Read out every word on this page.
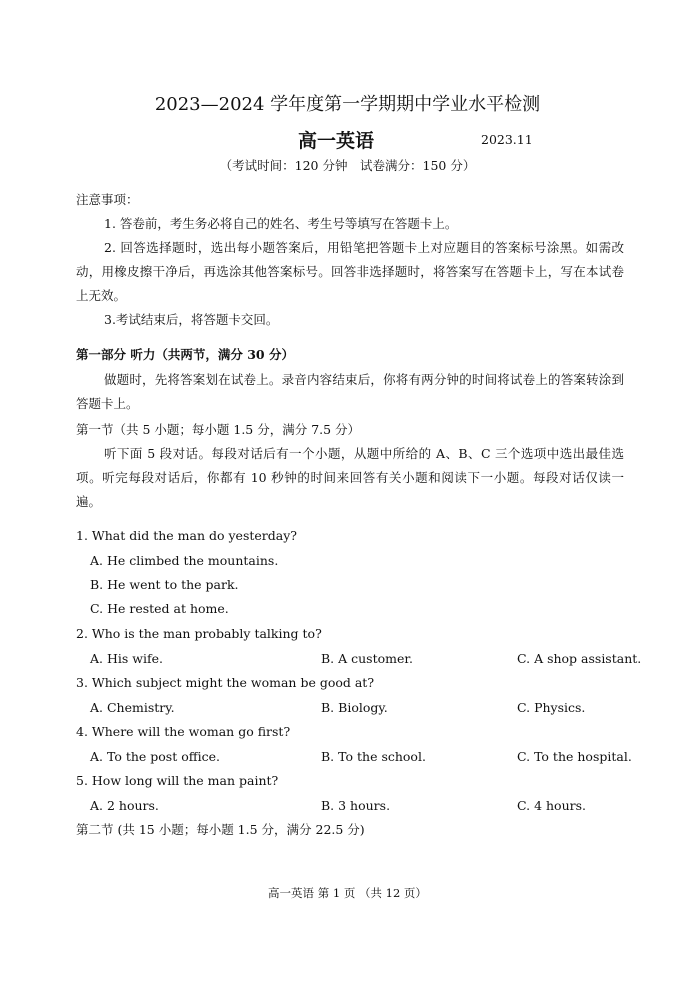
2023—2024 学年度第一学期期中学业水平检测
高一英语	2023.11
（考试时间：120 分钟　试卷满分：150 分）
注意事项：
1. 答卷前，考生务必将自己的姓名、考生号等填写在答题卡上。
2. 回答选择题时，选出每小题答案后，用铅笔把答题卡上对应题目的答案标号涂黑。如需改动，用橡皮擦干净后，再选涂其他答案标号。回答非选择题时，将答案写在答题卡上，写在本试卷上无效。
3.考试结束后，将答题卡交回。
第一部分 听力（共两节，满分 30 分）
做题时，先将答案划在试卷上。录音内容结束后，你将有两分钟的时间将试卷上的答案转涂到答题卡上。
第一节（共 5 小题；每小题 1.5 分，满分 7.5 分）
听下面 5 段对话。每段对话后有一个小题，从题中所给的 A、B、C 三个选项中选出最佳选项。听完每段对话后，你都有 10 秒钟的时间来回答有关小题和阅读下一小题。每段对话仅读一遍。
1. What did the man do yesterday?
A. He climbed the mountains.
B. He went to the park.
C. He rested at home.
2. Who is the man probably talking to?
A. His wife.	B. A customer.	C. A shop assistant.
3. Which subject might the woman be good at?
A. Chemistry.	B. Biology.	C. Physics.
4. Where will the woman go first?
A. To the post office.	B. To the school.	C. To the hospital.
5. How long will the man paint?
A. 2 hours.	B. 3 hours.	C. 4 hours.
第二节 (共 15 小题；每小题 1.5 分，满分 22.5 分)
高一英语 第 1 页 （共 12 页）
